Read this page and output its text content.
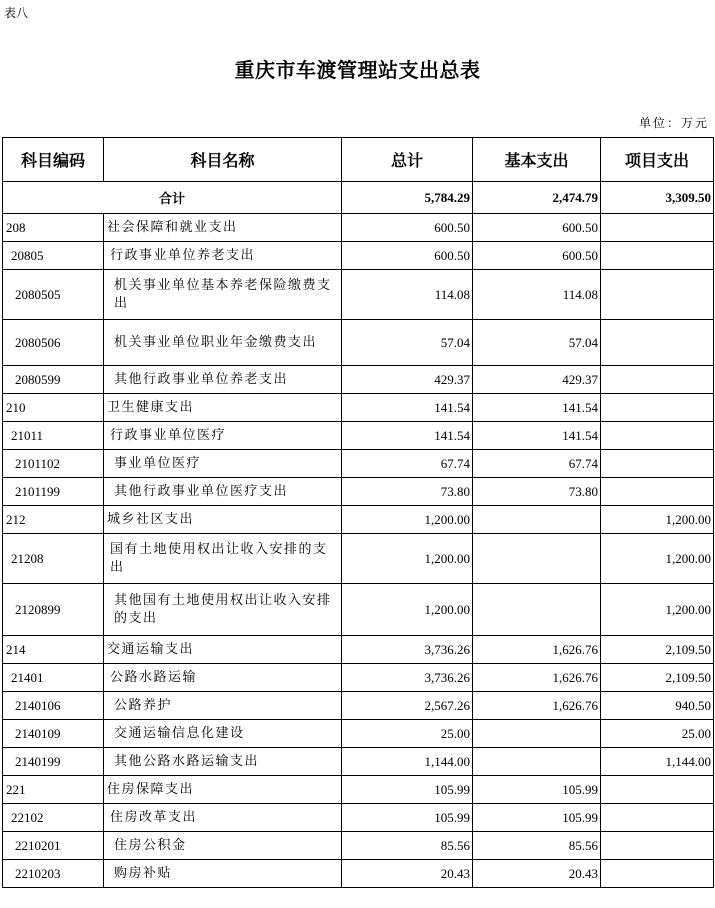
表八
重庆市车渡管理站支出总表
单位：万元
科目编码	科目名称	总计	基本支出	项目支出
合计		5,784.29	2,474.79	3,309.50
208	社会保障和就业支出	600.50	600.50	
20805	行政事业单位养老支出	600.50	600.50	
2080505	机关事业单位基本养老保险缴费支出	114.08	114.08	
2080506	机关事业单位职业年金缴费支出	57.04	57.04	
2080599	其他行政事业单位养老支出	429.37	429.37	
210	卫生健康支出	141.54	141.54	
21011	行政事业单位医疗	141.54	141.54	
2101102	事业单位医疗	67.74	67.74	
2101199	其他行政事业单位医疗支出	73.80	73.80	
212	城乡社区支出	1,200.00		1,200.00
21208	国有土地使用权出让收入安排的支出	1,200.00		1,200.00
2120899	其他国有土地使用权出让收入安排的支出	1,200.00		1,200.00
214	交通运输支出	3,736.26	1,626.76	2,109.50
21401	公路水路运输	3,736.26	1,626.76	2,109.50
2140106	公路养护	2,567.26	1,626.76	940.50
2140109	交通运输信息化建设	25.00		25.00
2140199	其他公路水路运输支出	1,144.00		1,144.00
221	住房保障支出	105.99	105.99	
22102	住房改革支出	105.99	105.99	
2210201	住房公积金	85.56	85.56	
2210203	购房补贴	20.43	20.43	
